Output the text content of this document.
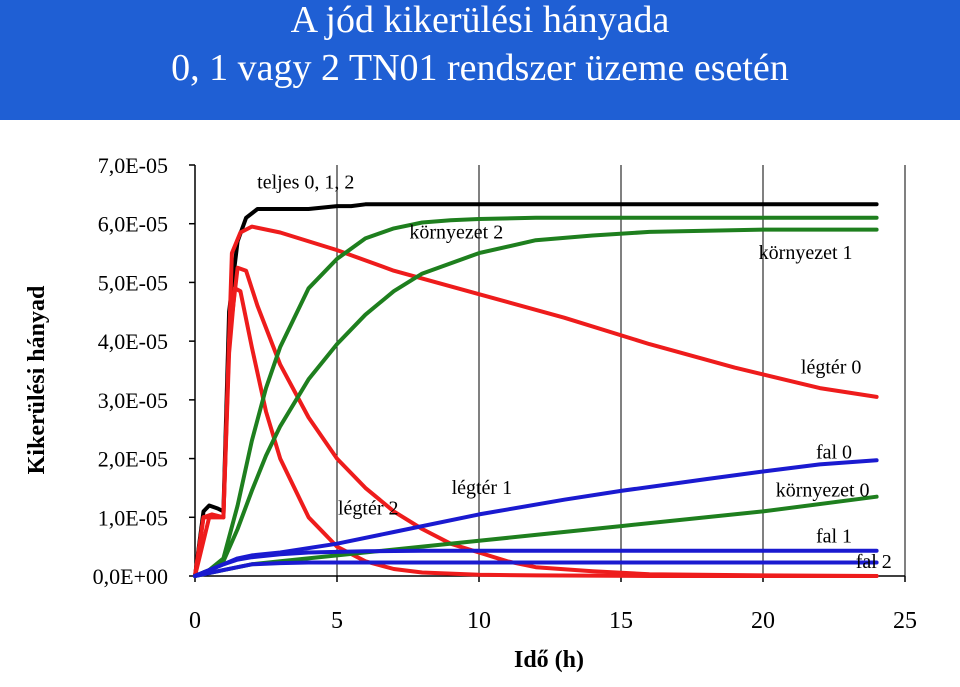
A jód kikerülési hányada
0, 1 vagy 2 TN01 rendszer üzeme esetén
0,0E+00
1,0E-05
2,0E-05
3,0E-05
4,0E-05
5,0E-05
6,0E-05
7,0E-05
0	5	10	15	20	25
teljes 0, 1, 2
környezet 2
környezet 1
légtér 0
fal 0
légtér 1	környezet 0
légtér 2
fal 1
fal 2
Kikerülési hányad
Idő (h)
